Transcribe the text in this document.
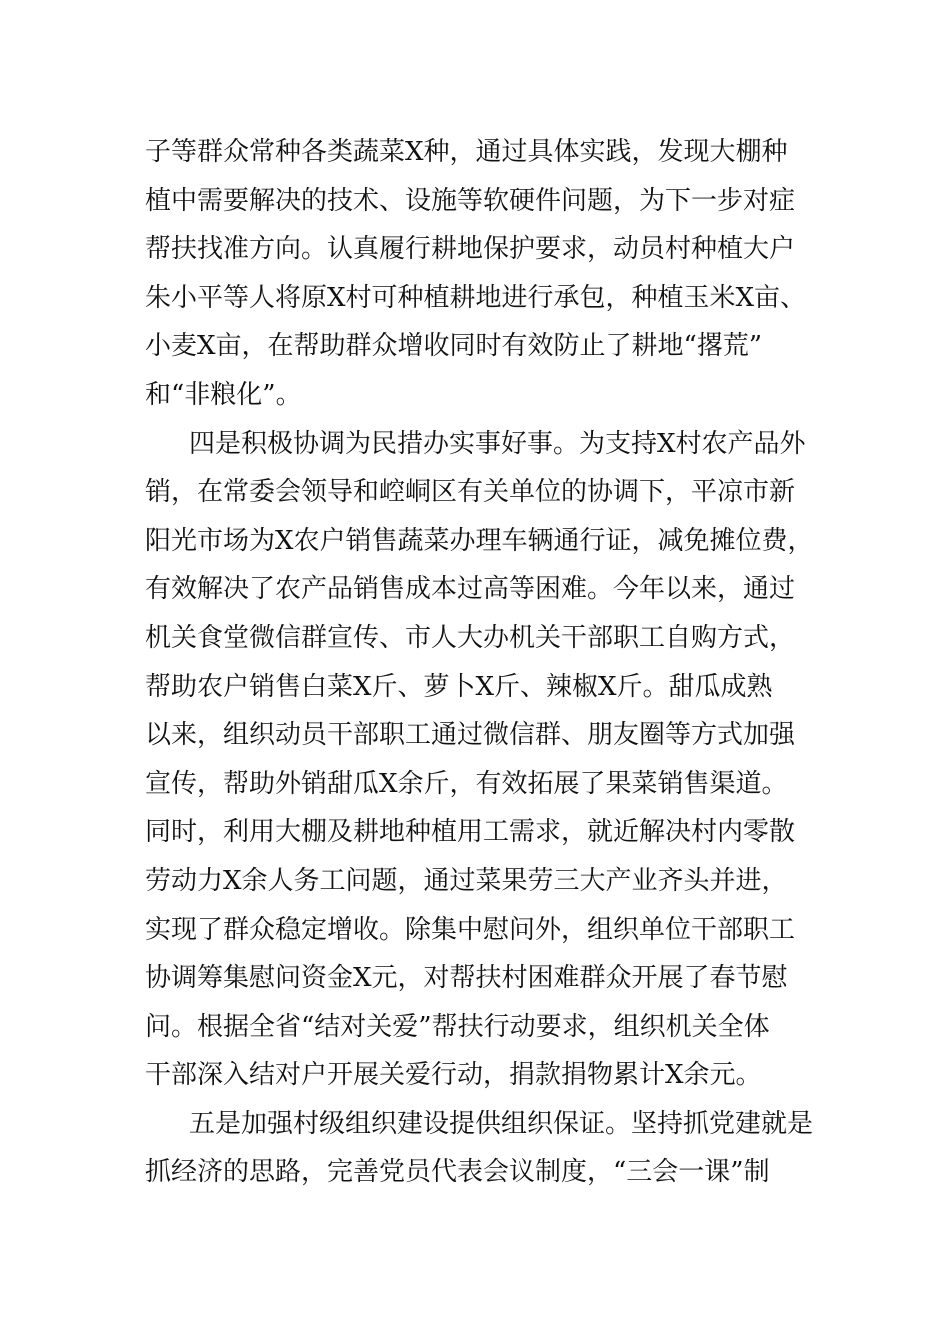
子等群众常种各类蔬菜X种，通过具体实践，发现大棚种
植中需要解决的技术、设施等软硬件问题，为下一步对症
帮扶找准方向。认真履行耕地保护要求，动员村种植大户
朱小平等人将原X村可种植耕地进行承包，种植玉米X亩、
小麦X亩，在帮助群众增收同时有效防止了耕地“撂荒”
和“非粮化”。
四是积极协调为民措办实事好事。为支持X村农产品外
销，在常委会领导和崆峒区有关单位的协调下，平凉市新
阳光市场为X农户销售蔬菜办理车辆通行证，减免摊位费，
有效解决了农产品销售成本过高等困难。今年以来，通过
机关食堂微信群宣传、市人大办机关干部职工自购方式，
帮助农户销售白菜X斤、萝卜X斤、辣椒X斤。甜瓜成熟
以来，组织动员干部职工通过微信群、朋友圈等方式加强
宣传，帮助外销甜瓜X余斤，有效拓展了果菜销售渠道。
同时，利用大棚及耕地种植用工需求，就近解决村内零散
劳动力X余人务工问题，通过菜果劳三大产业齐头并进，
实现了群众稳定增收。除集中慰问外，组织单位干部职工
协调筹集慰问资金X元，对帮扶村困难群众开展了春节慰
问。根据全省“结对关爱”帮扶行动要求，组织机关全体
干部深入结对户开展关爱行动，捐款捐物累计X余元。
五是加强村级组织建设提供组织保证。坚持抓党建就是
抓经济的思路，完善党员代表会议制度，“三会一课”制
